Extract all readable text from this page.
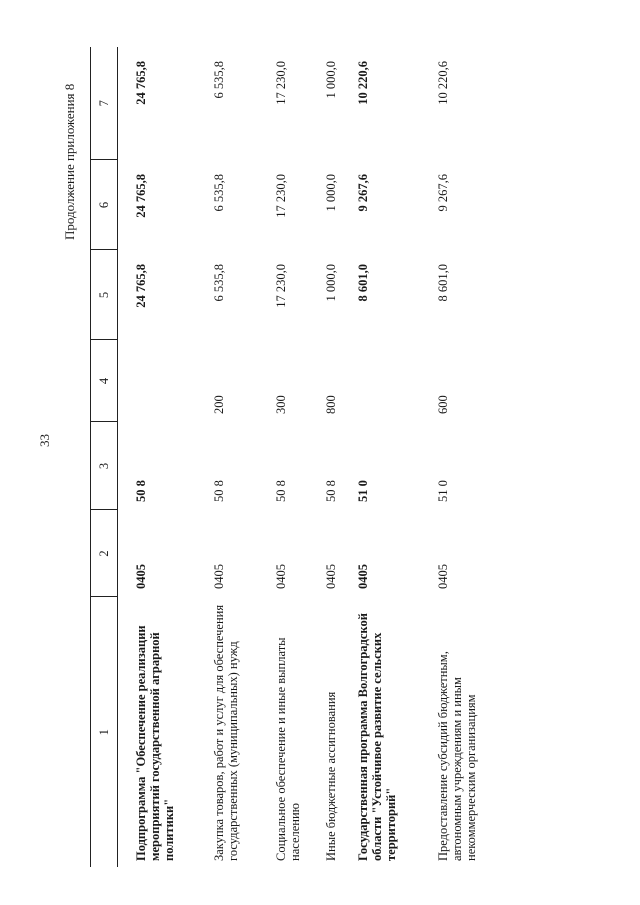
33
Продолжение приложения 8
1	2	3	4	5	6	7
Подпрограмма "Обеспечение реализации мероприятий государственной аграрной политики"	0405	50 8		24 765,8	24 765,8	24 765,8
Закупка товаров, работ и услуг для обеспечения государственных (муниципальных) нужд	0405	50 8	200	6 535,8	6 535,8	6 535,8
Социальное обеспечение и иные выплаты населению	0405	50 8	300	17 230,0	17 230,0	17 230,0
Иные бюджетные ассигнования	0405	50 8	800	1 000,0	1 000,0	1 000,0
Государственная программа Волгоградской области "Устойчивое развитие сельских территорий"	0405	51 0		8 601,0	9 267,6	10 220,6
Предоставление субсидий бюджетным, автономным учреждениям и иным некоммерческим организациям	0405	51 0	600	8 601,0	9 267,6	10 220,6
